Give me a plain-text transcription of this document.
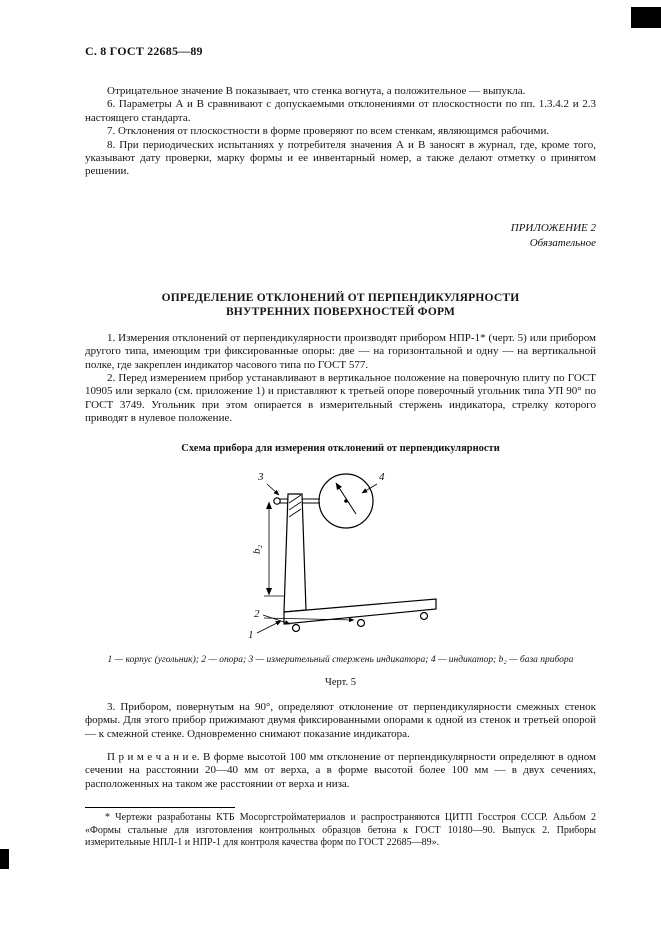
С. 8 ГОСТ 22685—89

Отрицательное значение В показывает, что стенка вогнута, а положительное — выпукла.

6. Параметры А и В сравнивают с допускаемыми отклонениями от плоскостности по пп. 1.3.4.2 и 2.3 настоящего стандарта.

7. Отклонения от плоскостности в форме проверяют по всем стенкам, являющимся рабочими.

8. При периодических испытаниях у потребителя значения А и В заносят в журнал, где, кроме того, указывают дату проверки, марку формы и ее инвентарный номер, а также делают отметку о принятом решении.

ПРИЛОЖЕНИЕ 2
Обязательное
ОПРЕДЕЛЕНИЕ ОТКЛОНЕНИЙ ОТ ПЕРПЕНДИКУЛЯРНОСТИ
ВНУТРЕННИХ ПОВЕРХНОСТЕЙ ФОРМ

1. Измерения отклонений от перпендикулярности производят прибором НПР-1* (черт. 5) или прибором другого типа, имеющим три фиксированные опоры: две — на горизонтальной и одну — на вертикальной полке, где закреплен индикатор часового типа по ГОСТ 577.

2. Перед измерением прибор устанавливают в вертикальное положение на поверочную плиту по ГОСТ 10905 или зеркало (см. приложение 1) и приставляют к третьей опоре поверочный угольник типа УП 90° по ГОСТ 3749. Угольник при этом опирается в измерительный стержень индикатора, стрелку которого приводят в нулевое положение.

Схема прибора для измерения отклонений от перпендикулярности
b₂
3	4
2
1
1 — корпус (угольник); 2 — опора; 3 — измерительный стержень индикатора; 4 — индикатор; b₂ — база прибора
Черт. 5

3. Прибором, повернутым на 90°, определяют отклонение от перпендикулярности смежных стенок формы. Для этого прибор прижимают двумя фиксированными опорами к одной из стенок и третьей опорой — к смежной стенке. Одновременно снимают показание индикатора.

П р и м е ч а н и е. В форме высотой 100 мм отклонение от перпендикулярности определяют в одном сечении на расстоянии 20—40 мм от верха, а в форме высотой более 100 мм — в двух сечениях, расположенных на таком же расстоянии от верха и низа.

* Чертежи разработаны КТБ Мосоргстройматериалов и распространяются ЦИТП Госстроя СССР. Альбом 2 «Формы стальные для изготовления контрольных образцов бетона к ГОСТ 10180—90. Выпуск 2. Приборы измерительные НПЛ-1 и НПР-1 для контроля качества форм по ГОСТ 22685—89».
